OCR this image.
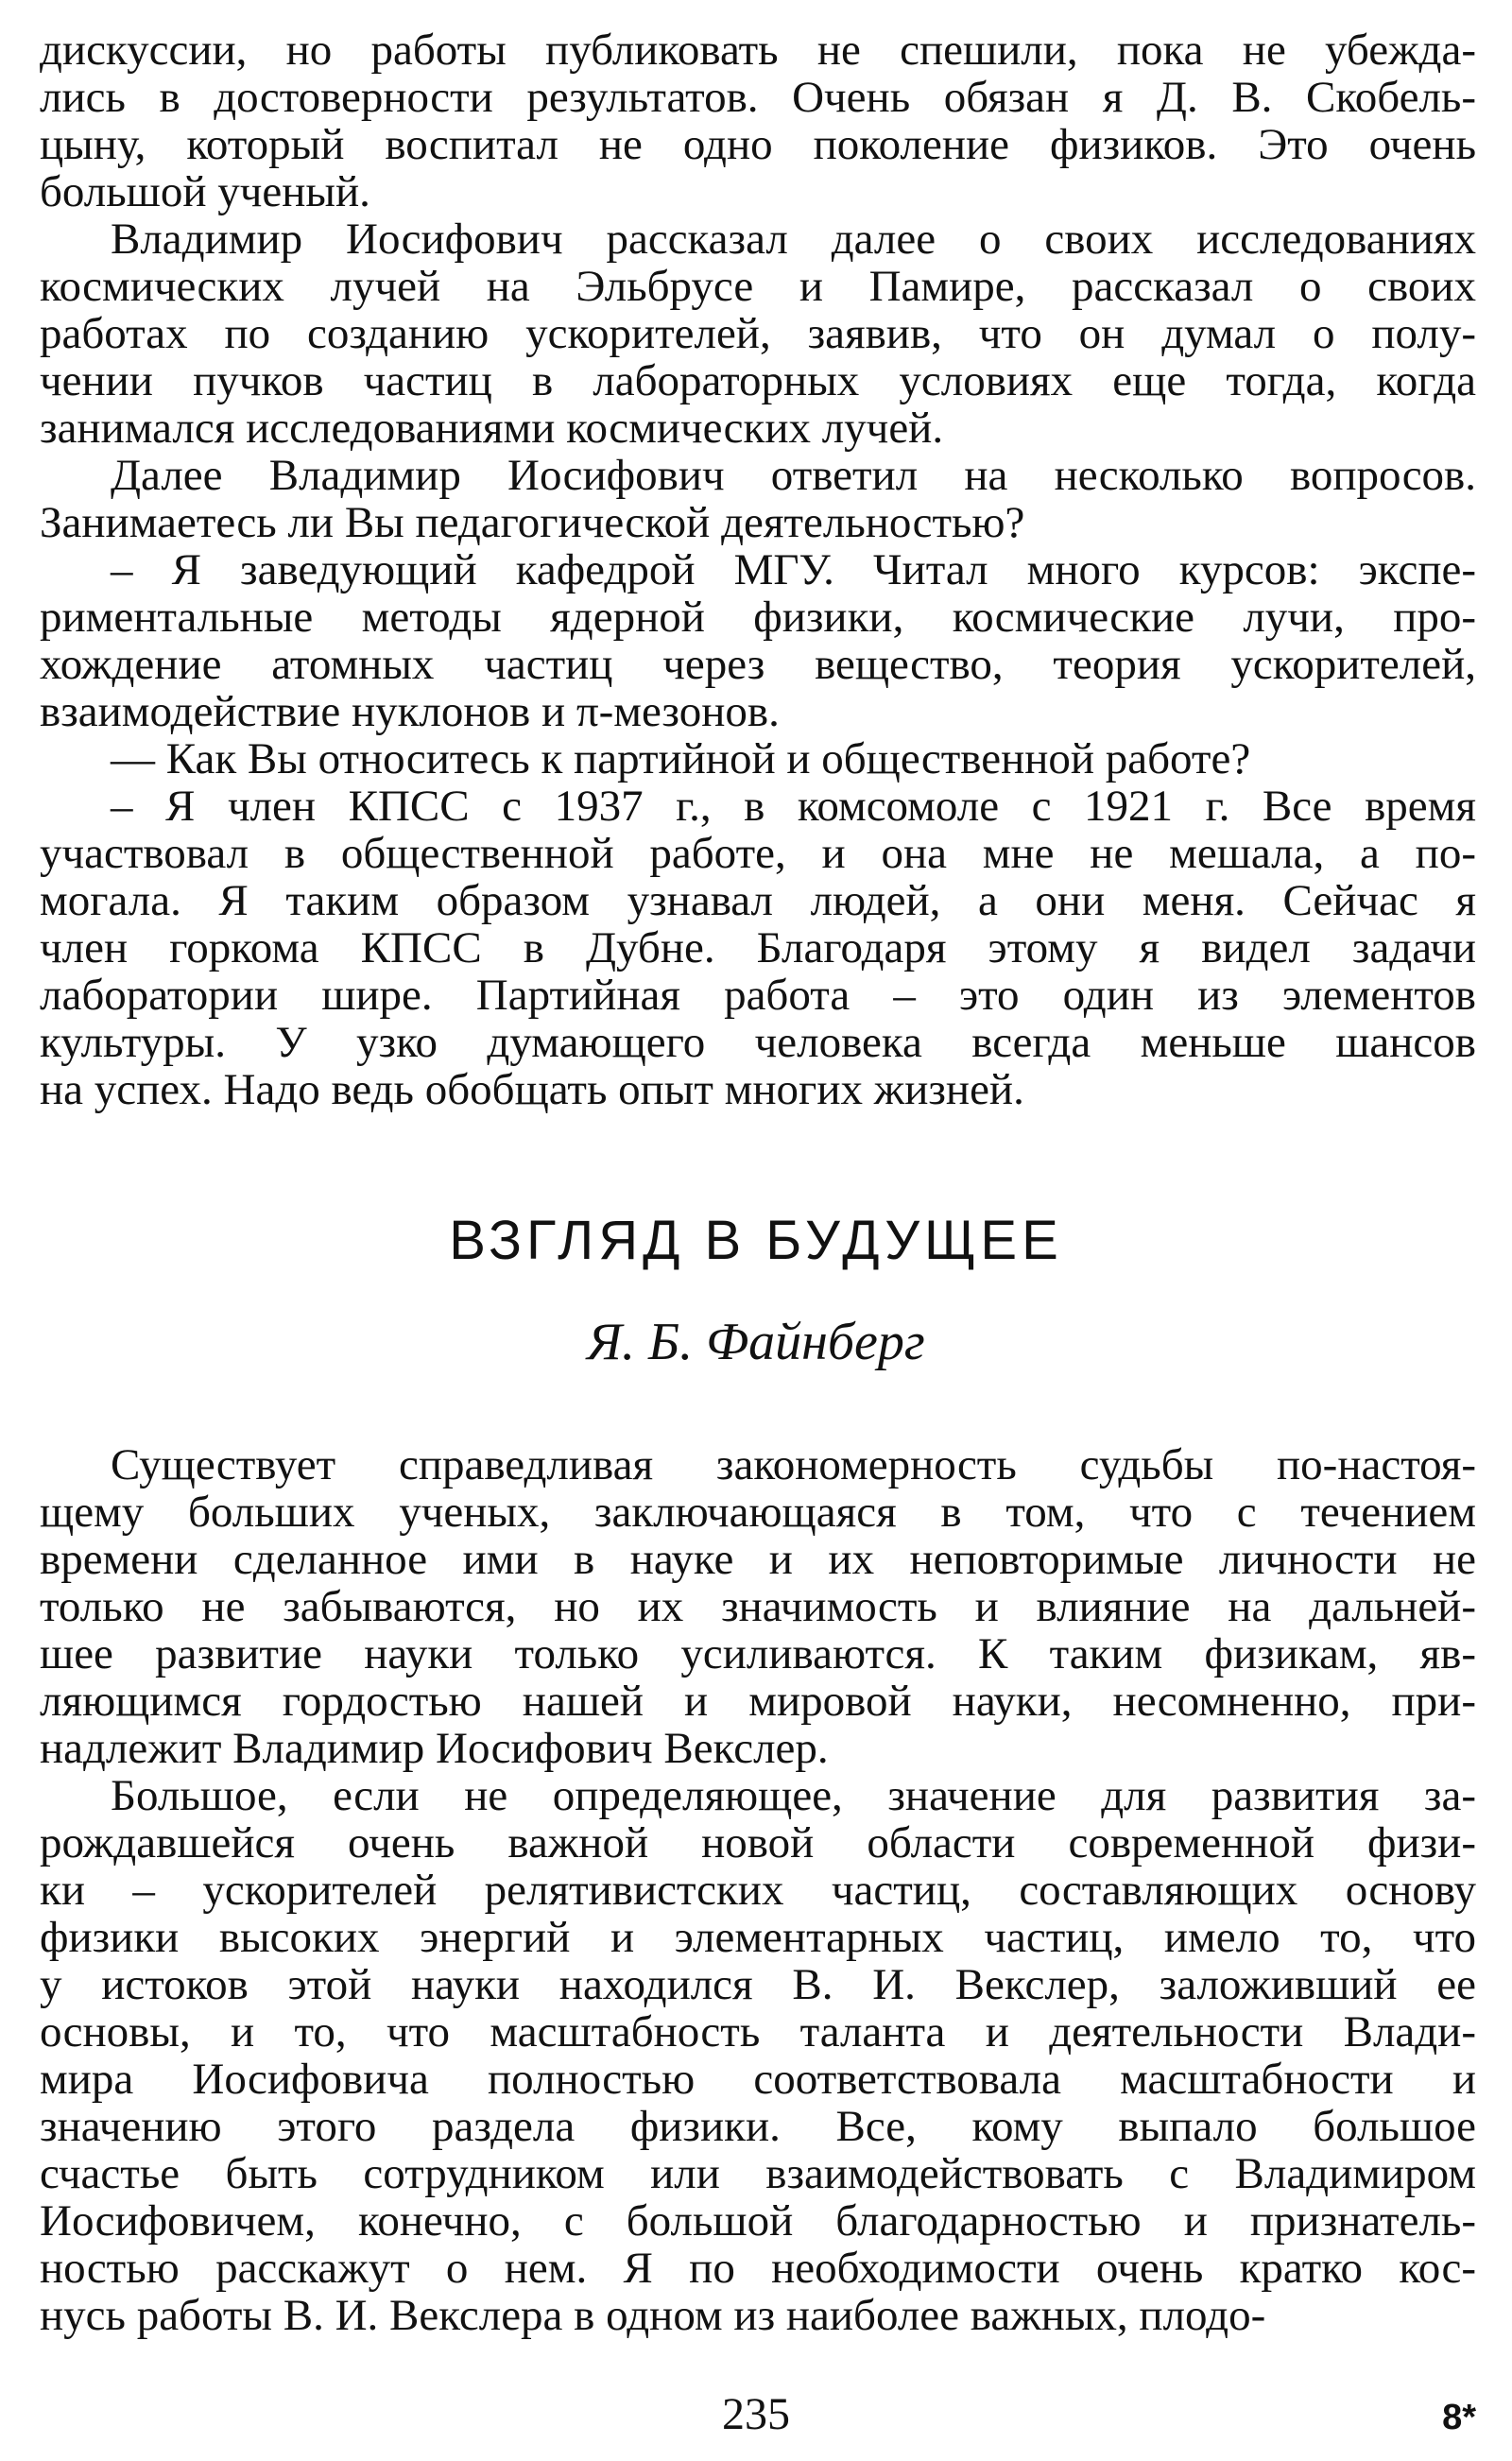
дискуссии, но работы публиковать не спешили, пока не убежда-
лись в достоверности результатов. Очень обязан я Д. В. Скобель-
цыну, который воспитал не одно поколение физиков. Это очень
большой ученый.
Владимир Иосифович рассказал далее о своих исследованиях
космических лучей на Эльбрусе и Памире, рассказал о своих
работах по созданию ускорителей, заявив, что он думал о полу-
чении пучков частиц в лабораторных условиях еще тогда, когда
занимался исследованиями космических лучей.
Далее Владимир Иосифович ответил на несколько вопросов.
Занимаетесь ли Вы педагогической деятельностью?
– Я заведующий кафедрой МГУ. Читал много курсов: экспе-
риментальные методы ядерной физики, космические лучи, про-
хождение атомных частиц через вещество, теория ускорителей,
взаимодействие нуклонов и π-мезонов.
— Как Вы относитесь к партийной и общественной работе?
– Я член КПСС с 1937 г., в комсомоле с 1921 г. Все время
участвовал в общественной работе, и она мне не мешала, а по-
могала. Я таким образом узнавал людей, а они меня. Сейчас я
член горкома КПСС в Дубне. Благодаря этому я видел задачи
лаборатории шире. Партийная работа – это один из элементов
культуры. У узко думающего человека всегда меньше шансов
на успех. Надо ведь обобщать опыт многих жизней.
ВЗГЛЯД В БУДУЩЕЕ
Я. Б. Файнберг
Существует справедливая закономерность судьбы по-настоя-
щему больших ученых, заключающаяся в том, что с течением
времени сделанное ими в науке и их неповторимые личности не
только не забываются, но их значимость и влияние на дальней-
шее развитие науки только усиливаются. К таким физикам, яв-
ляющимся гордостью нашей и мировой науки, несомненно, при-
надлежит Владимир Иосифович Векслер.
Большое, если не определяющее, значение для развития за-
рождавшейся очень важной новой области современной физи-
ки – ускорителей релятивистских частиц, составляющих основу
физики высоких энергий и элементарных частиц, имело то, что
у истоков этой науки находился В. И. Векслер, заложивший ее
основы, и то, что масштабность таланта и деятельности Влади-
мира Иосифовича полностью соответствовала масштабности и
значению этого раздела физики. Все, кому выпало большое
счастье быть сотрудником или взаимодействовать с Владимиром
Иосифовичем, конечно, с большой благодарностью и признатель-
ностью расскажут о нем. Я по необходимости очень кратко кос-
нусь работы В. И. Векслера в одном из наиболее важных, плодо-
235	8*
